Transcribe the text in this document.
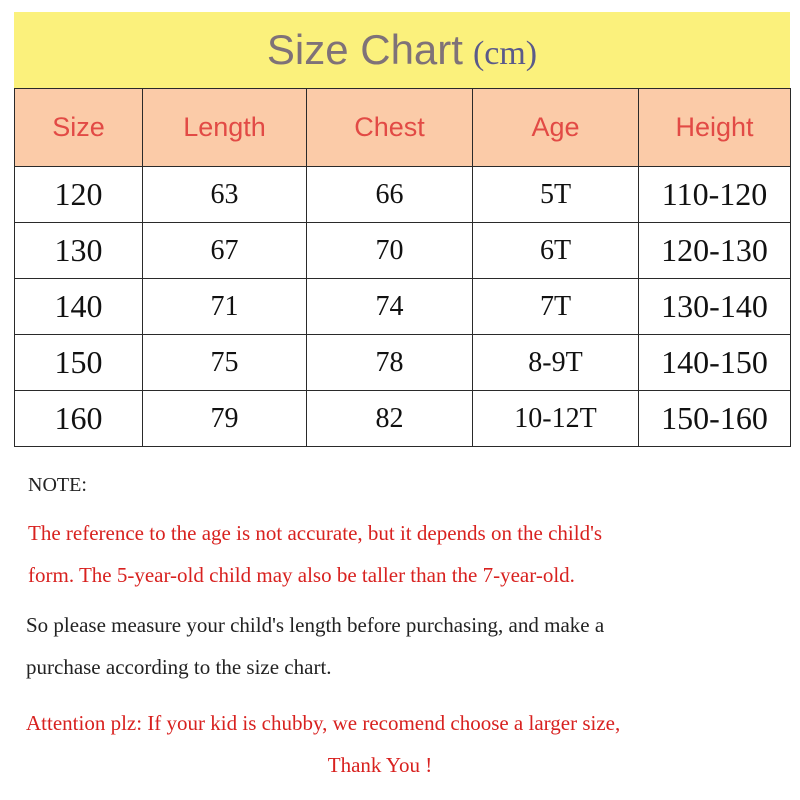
Size Chart (cm)
Size	Length	Chest	Age	Height
120	63	66	5T	110-120
130	67	70	6T	120-130
140	71	74	7T	130-140
150	75	78	8-9T	140-150
160	79	82	10-12T	150-160
NOTE:
The reference to the age is not accurate, but it depends on the child's
form. The 5-year-old child may also be taller than the 7-year-old.
So please measure your child's length before purchasing, and make a
purchase according to the size chart.
Attention plz: If your kid is chubby, we recomend choose a larger size,
Thank You !
